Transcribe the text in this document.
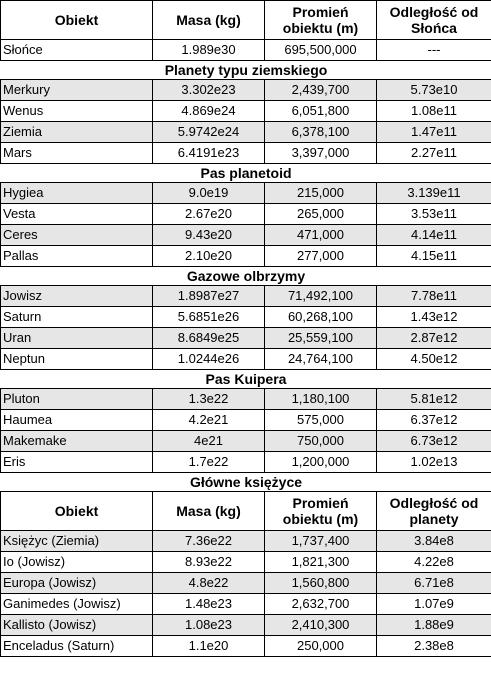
Obiekt	Masa (kg)	Promień obiektu (m)	Odległość od Słońca
Słońce	1.989e30	695,500,000	---
Planety typu ziemskiego			
Merkury	3.302e23	2,439,700	5.73e10
Wenus	4.869e24	6,051,800	1.08e11
Ziemia	5.9742e24	6,378,100	1.47e11
Mars	6.4191e23	3,397,000	2.27e11
Pas planetoid			
Hygiea	9.0e19	215,000	3.139e11
Vesta	2.67e20	265,000	3.53e11
Ceres	9.43e20	471,000	4.14e11
Pallas	2.10e20	277,000	4.15e11
Gazowe olbrzymy			
Jowisz	1.8987e27	71,492,100	7.78e11
Saturn	5.6851e26	60,268,100	1.43e12
Uran	8.6849e25	25,559,100	2.87e12
Neptun	1.0244e26	24,764,100	4.50e12
Pas Kuipera			
Pluton	1.3e22	1,180,100	5.81e12
Haumea	4.2e21	575,000	6.37e12
Makemake	4e21	750,000	6.73e12
Eris	1.7e22	1,200,000	1.02e13
Główne księżyce			
Obiekt	Masa (kg)	Promień obiektu (m)	Odległość od planety
Księżyc (Ziemia)	7.36e22	1,737,400	3.84e8
Io (Jowisz)	8.93e22	1,821,300	4.22e8
Europa (Jowisz)	4.8e22	1,560,800	6.71e8
Ganimedes (Jowisz)	1.48e23	2,632,700	1.07e9
Kallisto (Jowisz)	1.08e23	2,410,300	1.88e9
Enceladus (Saturn)	1.1e20	250,000	2.38e8
